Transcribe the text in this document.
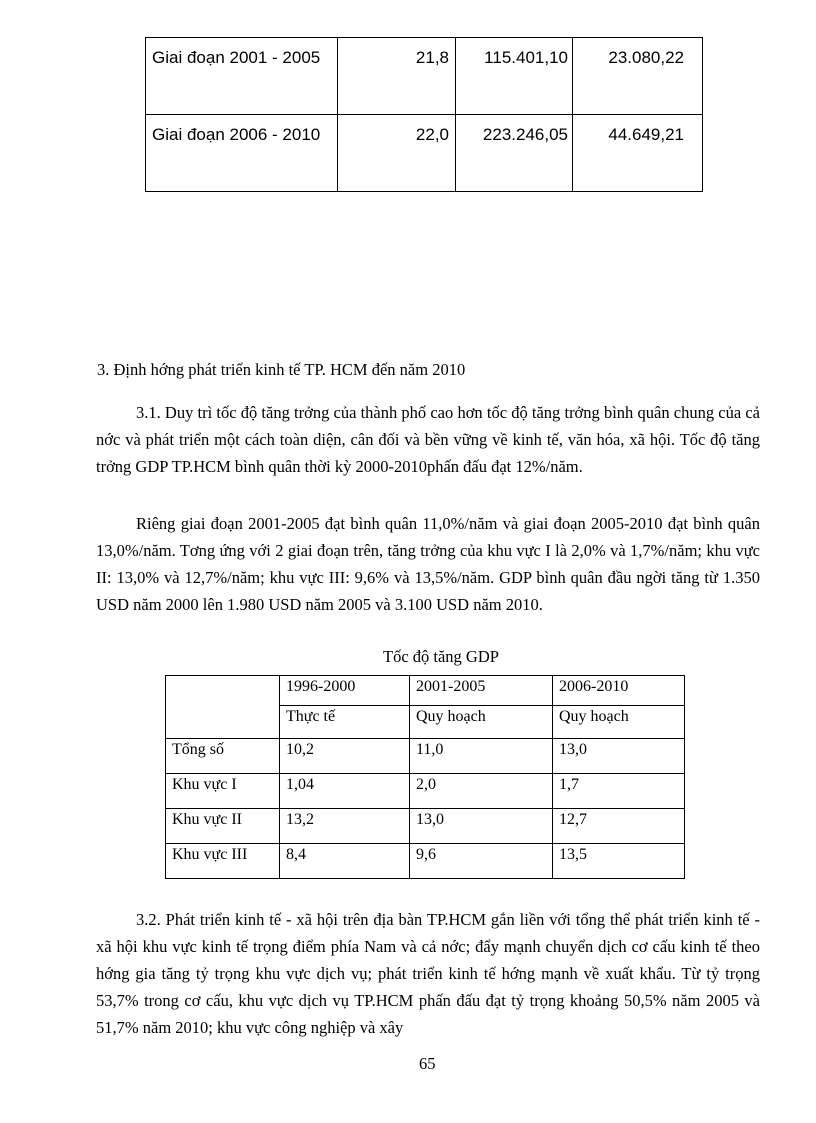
Giai đoạn 2001 - 2005	21,8	115.401,10	23.080,22
Giai đoạn 2006 - 2010	22,0	223.246,05	44.649,21
3. Định hớng phát triển kinh tế TP. HCM đến năm 2010
3.1. Duy trì tốc độ tăng trởng của thành phố cao hơn tốc độ tăng trởng bình quân chung của cả nớc và phát triển một cách toàn diện, cân đối và bền vững về kinh tế, văn hóa, xã hội. Tốc độ tăng trởng GDP TP.HCM bình quân thời kỳ 2000-2010phấn đấu đạt 12%/năm.
Riêng giai đoạn 2001-2005 đạt bình quân 11,0%/năm và giai đoạn 2005-2010 đạt bình quân 13,0%/năm. Tơng ứng với 2 giai đoạn trên, tăng trởng của khu vực I là 2,0% và 1,7%/năm; khu vực II: 13,0% và 12,7%/năm; khu vực III: 9,6% và 13,5%/năm. GDP bình quân đầu ngời tăng từ 1.350 USD năm 2000 lên 1.980 USD năm 2005 và 3.100 USD năm 2010.
Tốc độ tăng GDP
	1996-2000	2001-2005	2006-2010
	Thực tế	Quy hoạch	Quy hoạch
Tổng số	10,2	11,0	13,0
Khu vực I	1,04	2,0	1,7
Khu vực II	13,2	13,0	12,7
Khu vực III	8,4	9,6	13,5
3.2. Phát triển kinh tế - xã hội trên địa bàn TP.HCM gắn liền với tổng thể phát triển kinh tế - xã hội khu vực kinh tế trọng điểm phía Nam và cả nớc; đẩy mạnh chuyển dịch cơ cấu kinh tế theo hớng gia tăng tỷ trọng khu vực dịch vụ; phát triển kinh tế hớng mạnh về xuất khẩu. Từ tỷ trọng 53,7% trong cơ cấu, khu vực dịch vụ TP.HCM phấn đấu đạt tỷ trọng khoảng 50,5% năm 2005 và 51,7% năm 2010; khu vực công nghiệp và xây
65
